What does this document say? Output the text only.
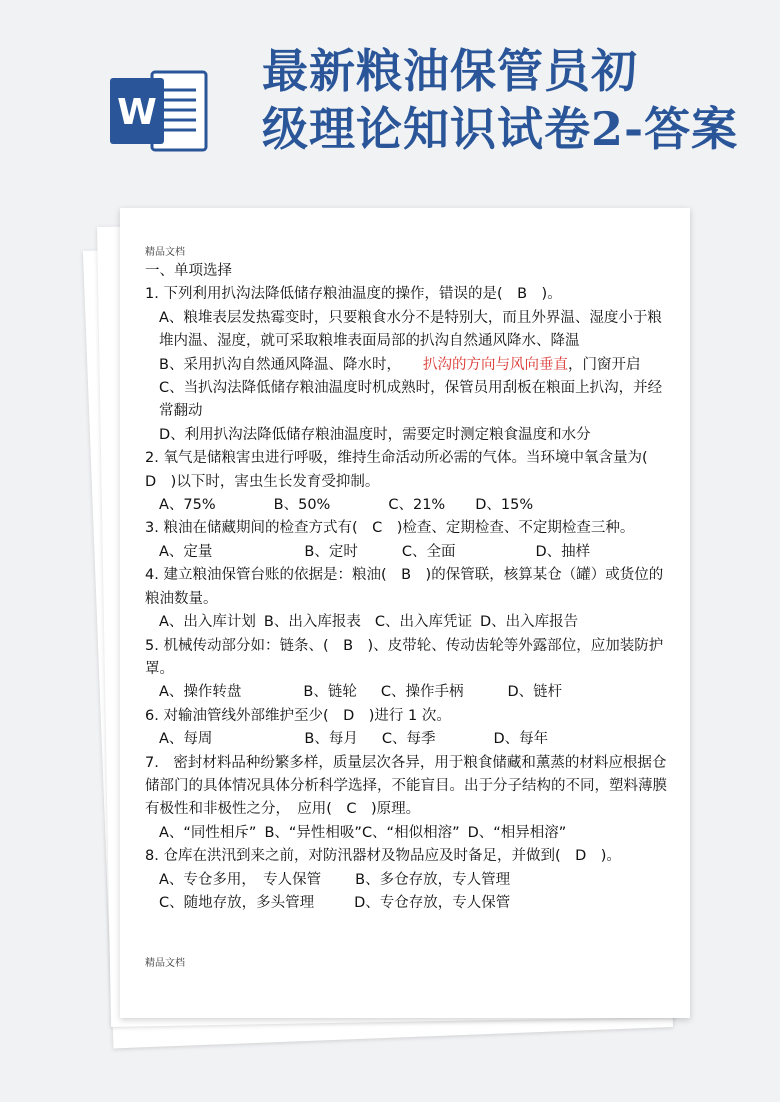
W
最新粮油保管员初
级理论知识试卷2-答案
精品文档
一、单项选择
1. 下列利用扒沟法降低储存粮油温度的操作，错误的是(　B　)。
A、粮堆表层发热霉变时，只要粮食水分不是特别大，而且外界温、湿度小于粮堆内温、湿度，就可采取粮堆表面局部的扒沟自然通风降水、降温
B、采用扒沟自然通风降温、降水时， 扒沟的方向与风向垂直，门窗开启
C、当扒沟法降低储存粮油温度时机成熟时，保管员用刮板在粮面上扒沟，并经常翻动
D、利用扒沟法降低储存粮油温度时，需要定时测定粮食温度和水分
2. 氧气是储粮害虫进行呼吸，维持生命活动所必需的气体。当环境中氧含量为(　D　)以下时，害虫生长发育受抑制。
A、75%	B、50%	C、21% D、15%
3. 粮油在储藏期间的检查方式有(　C　)检查、定期检查、不定期检查三种。
A、定量	B、定时	C、全面	D、抽样
4. 建立粮油保管台账的依据是：粮油(　B　)的保管联，核算某仓（罐）或货位的粮油数量。
A、出入库计划 B、出入库报表 C、出入库凭证 D、出入库报告
5. 机械传动部分如：链条、(　B　)、皮带轮、传动齿轮等外露部位，应加装防护罩。
A、操作转盘	B、链轮 C、操作手柄	D、链杆
6. 对输油管线外部维护至少(　D　)进行 1 次。
A、每周	B、每月 C、每季	D、每年
7.　密封材料品种纷繁多样，质量层次各异，用于粮食储藏和薰蒸的材料应根据仓储部门的具体情况具体分析科学选择，不能盲目。出于分子结构的不同，塑料薄膜有极性和非极性之分，　应用(　C　)原理。
A、“同性相斥” B、“异性相吸”C、“相似相溶” D、“相异相溶”
8. 仓库在洪汛到来之前，对防汛器材及物品应及时备足，并做到(　D　)。
A、专仓多用，　专人保管 B、多仓存放，专人管理
C、随地存放，多头管理	D、专仓存放，专人保管
精品文档
